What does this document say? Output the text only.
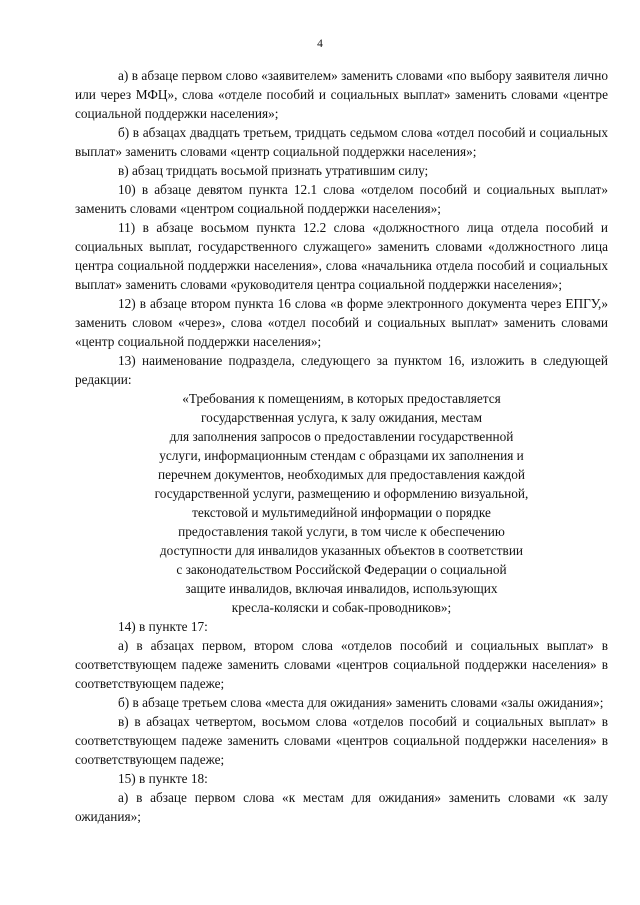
4

а) в абзаце первом слово «заявителем» заменить словами «по выбору заявителя лично или через МФЦ», слова «отделе пособий и социальных выплат» заменить словами «центре социальной поддержки населения»;

б) в абзацах двадцать третьем, тридцать седьмом слова «отдел пособий и социальных выплат» заменить словами «центр социальной поддержки населения»;

в) абзац тридцать восьмой признать утратившим силу;

10) в абзаце девятом пункта 12.1 слова «отделом пособий и социальных выплат» заменить словами «центром социальной поддержки населения»;

11) в абзаце восьмом пункта 12.2 слова «должностного лица отдела пособий и социальных выплат, государственного служащего» заменить словами «должностного лица центра социальной поддержки населения», слова «начальника отдела пособий и социальных выплат» заменить словами «руководителя центра социальной поддержки населения»;

12) в абзаце втором пункта 16 слова «в форме электронного документа через ЕПГУ,» заменить словом «через», слова «отдел пособий и социальных выплат» заменить словами «центр социальной поддержки населения»;

13) наименование подраздела, следующего за пунктом 16, изложить в следующей редакции:

«Требования к помещениям, в которых предоставляется
государственная услуга, к залу ожидания, местам
для заполнения запросов о предоставлении государственной
услуги, информационным стендам с образцами их заполнения и
перечнем документов, необходимых для предоставления каждой
государственной услуги, размещению и оформлению визуальной,
текстовой и мультимедийной информации о порядке
предоставления такой услуги, в том числе к обеспечению
доступности для инвалидов указанных объектов в соответствии
с законодательством Российской Федерации о социальной
защите инвалидов, включая инвалидов, использующих
кресла-коляски и собак-проводников»;

14) в пункте 17:

а) в абзацах первом, втором слова «отделов пособий и социальных выплат» в соответствующем падеже заменить словами «центров социальной поддержки населения» в соответствующем падеже;

б) в абзаце третьем слова «места для ожидания» заменить словами «залы ожидания»;

в) в абзацах четвертом, восьмом слова «отделов пособий и социальных выплат» в соответствующем падеже заменить словами «центров социальной поддержки населения» в соответствующем падеже;

15) в пункте 18:

а) в абзаце первом слова «к местам для ожидания» заменить словами «к залу ожидания»;
